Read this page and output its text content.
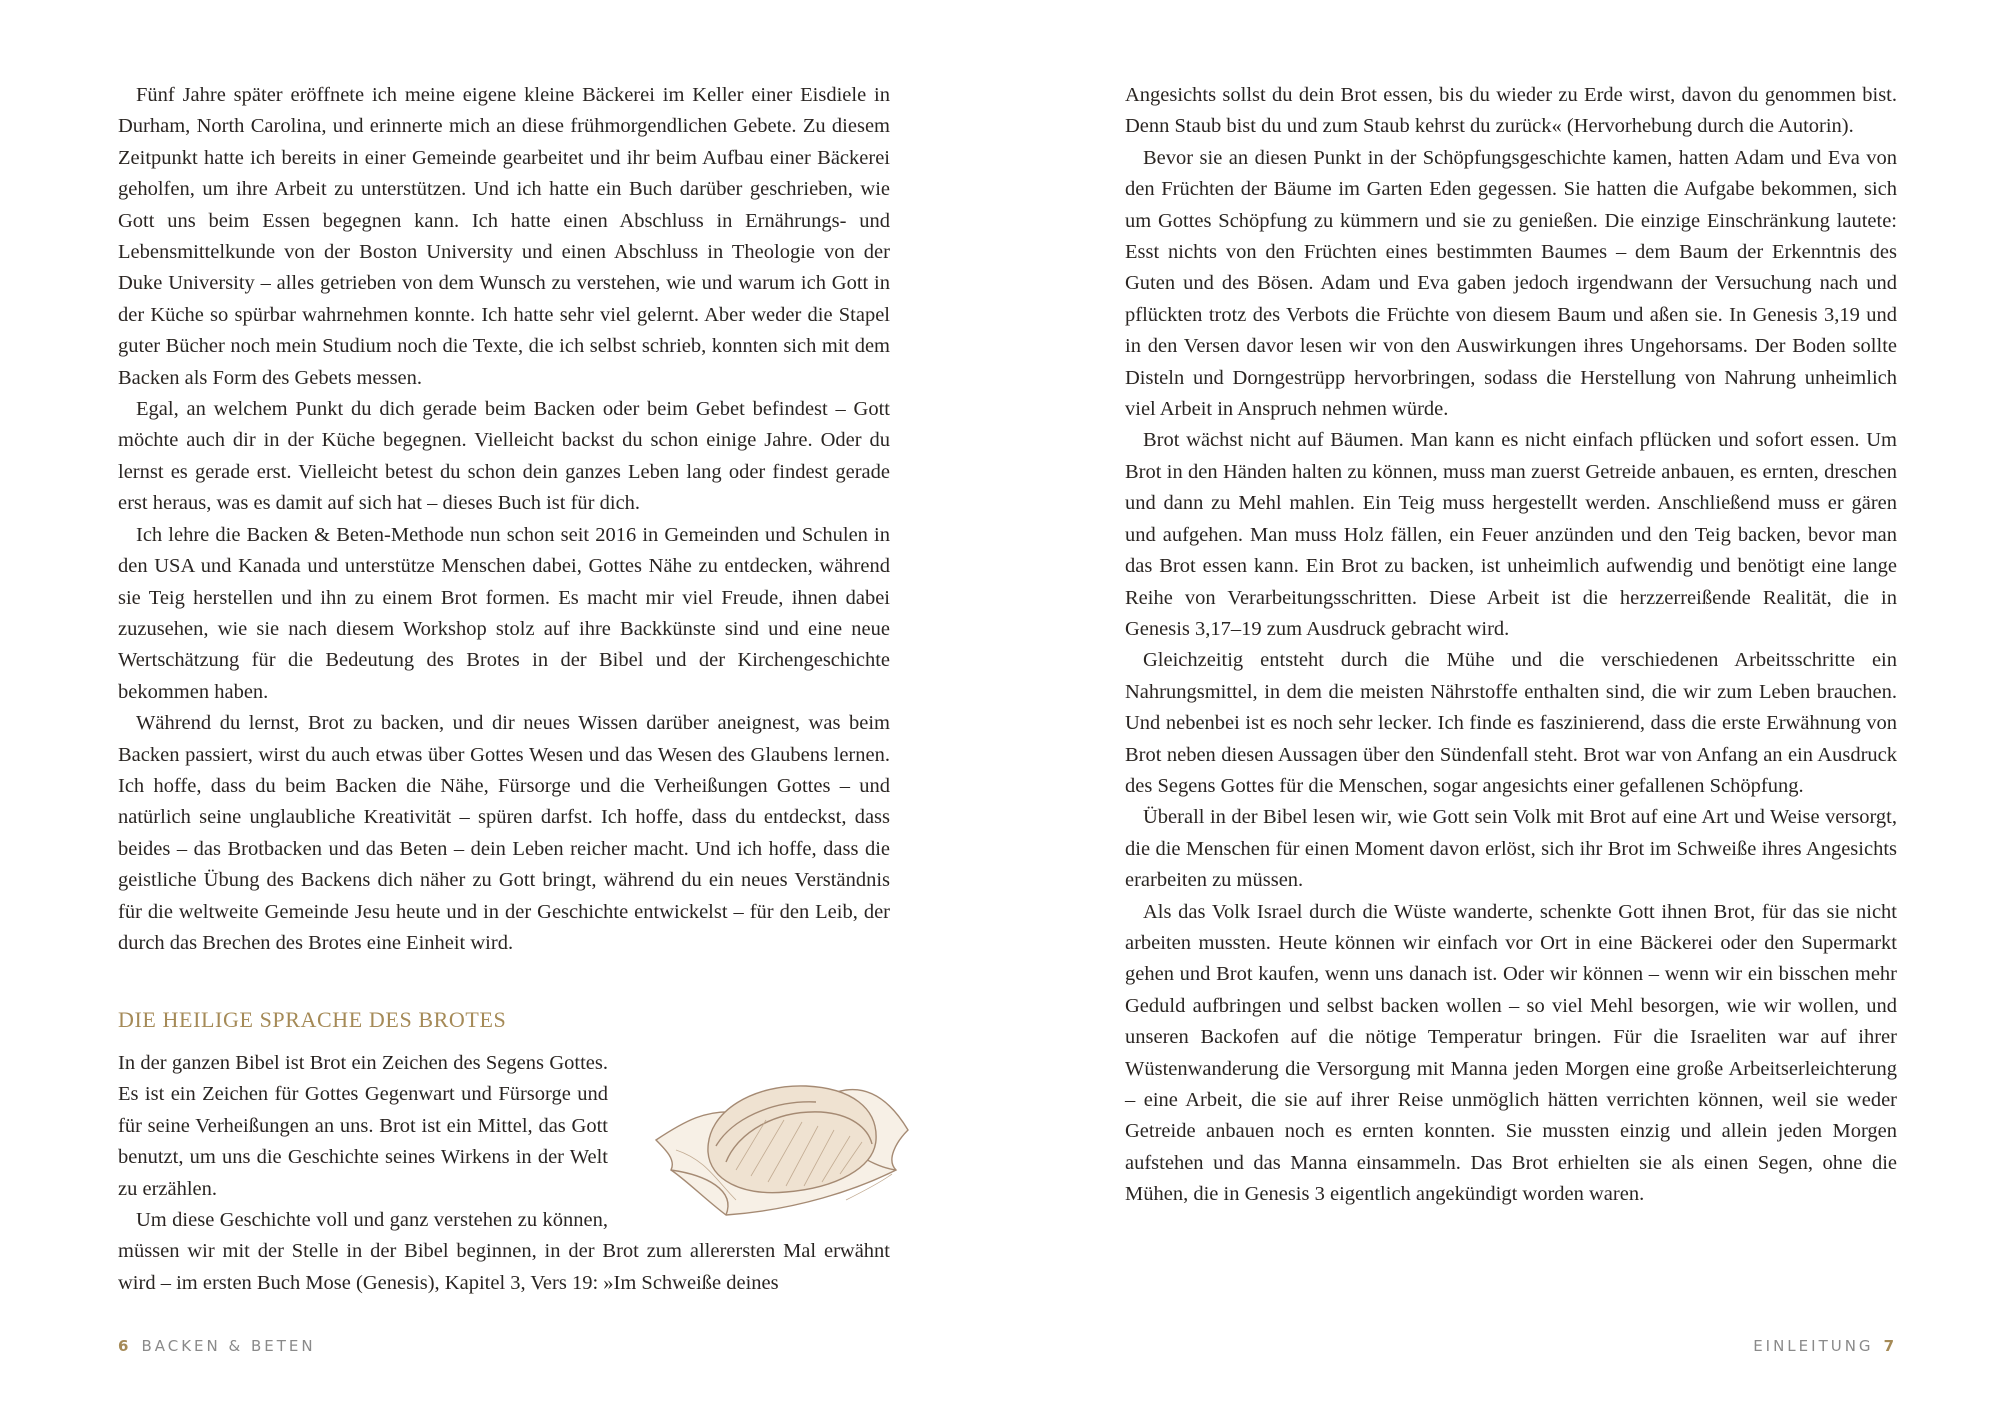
Fünf Jahre später eröffnete ich meine eigene kleine Bäckerei im Keller einer Eisdiele in Durham, North Carolina, und erinnerte mich an diese frühmorgendlichen Gebete. Zu diesem Zeitpunkt hatte ich bereits in einer Gemeinde gearbeitet und ihr beim Aufbau einer Bäckerei geholfen, um ihre Arbeit zu unterstützen. Und ich hatte ein Buch darüber geschrieben, wie Gott uns beim Essen begegnen kann. Ich hatte einen Abschluss in Ernährungs- und Lebensmittelkunde von der Boston University und einen Abschluss in Theologie von der Duke University – alles getrieben von dem Wunsch zu verstehen, wie und warum ich Gott in der Küche so spürbar wahrnehmen konnte. Ich hatte sehr viel gelernt. Aber weder die Stapel guter Bücher noch mein Studium noch die Texte, die ich selbst schrieb, konnten sich mit dem Backen als Form des Gebets messen.

Egal, an welchem Punkt du dich gerade beim Backen oder beim Gebet befindest – Gott möchte auch dir in der Küche begegnen. Vielleicht backst du schon einige Jahre. Oder du lernst es gerade erst. Vielleicht betest du schon dein ganzes Leben lang oder findest gerade erst heraus, was es damit auf sich hat – dieses Buch ist für dich.

Ich lehre die Backen & Beten-Methode nun schon seit 2016 in Gemeinden und Schulen in den USA und Kanada und unterstütze Menschen dabei, Gottes Nähe zu entdecken, während sie Teig herstellen und ihn zu einem Brot formen. Es macht mir viel Freude, ihnen dabei zuzusehen, wie sie nach diesem Workshop stolz auf ihre Backkünste sind und eine neue Wertschätzung für die Bedeutung des Brotes in der Bibel und der Kirchengeschichte bekommen haben.

Während du lernst, Brot zu backen, und dir neues Wissen darüber aneignest, was beim Backen passiert, wirst du auch etwas über Gottes Wesen und das Wesen des Glaubens lernen. Ich hoffe, dass du beim Backen die Nähe, Fürsorge und die Verheißungen Gottes – und natürlich seine unglaubliche Kreativität – spüren darfst. Ich hoffe, dass du entdeckst, dass beides – das Brotbacken und das Beten – dein Leben reicher macht. Und ich hoffe, dass die geistliche Übung des Backens dich näher zu Gott bringt, während du ein neues Verständnis für die weltweite Gemeinde Jesu heute und in der Geschichte entwickelst – für den Leib, der durch das Brechen des Brotes eine Einheit wird.

DIE HEILIGE SPRACHE DES BROTES

In der ganzen Bibel ist Brot ein Zeichen des Segens Gottes. Es ist ein Zeichen für Gottes Gegenwart und Fürsorge und für seine Verheißungen an uns. Brot ist ein Mittel, das Gott benutzt, um uns die Geschichte seines Wirkens in der Welt zu erzählen.

Um diese Geschichte voll und ganz verstehen zu können, müssen wir mit der Stelle in der Bibel beginnen, in der Brot zum allerersten Mal erwähnt wird – im ersten Buch Mose (Genesis), Kapitel 3, Vers 19: »Im Schweiße deines

Angesichts sollst du dein Brot essen, bis du wieder zu Erde wirst, davon du genommen bist. Denn Staub bist du und zum Staub kehrst du zurück« (Hervorhebung durch die Autorin).

Bevor sie an diesen Punkt in der Schöpfungsgeschichte kamen, hatten Adam und Eva von den Früchten der Bäume im Garten Eden gegessen. Sie hatten die Aufgabe bekommen, sich um Gottes Schöpfung zu kümmern und sie zu genießen. Die einzige Einschränkung lautete: Esst nichts von den Früchten eines bestimmten Baumes – dem Baum der Erkenntnis des Guten und des Bösen. Adam und Eva gaben jedoch irgendwann der Versuchung nach und pflückten trotz des Verbots die Früchte von diesem Baum und aßen sie. In Genesis 3,19 und in den Versen davor lesen wir von den Auswirkungen ihres Ungehorsams. Der Boden sollte Disteln und Dorngestrüpp hervorbringen, sodass die Herstellung von Nahrung unheimlich viel Arbeit in Anspruch nehmen würde.

Brot wächst nicht auf Bäumen. Man kann es nicht einfach pflücken und sofort essen. Um Brot in den Händen halten zu können, muss man zuerst Getreide anbauen, es ernten, dreschen und dann zu Mehl mahlen. Ein Teig muss hergestellt werden. Anschließend muss er gären und aufgehen. Man muss Holz fällen, ein Feuer anzünden und den Teig backen, bevor man das Brot essen kann. Ein Brot zu backen, ist unheimlich aufwendig und benötigt eine lange Reihe von Verarbeitungsschritten. Diese Arbeit ist die herzzerreißende Realität, die in Genesis 3,17–19 zum Ausdruck gebracht wird.

Gleichzeitig entsteht durch die Mühe und die verschiedenen Arbeitsschritte ein Nahrungsmittel, in dem die meisten Nährstoffe enthalten sind, die wir zum Leben brauchen. Und nebenbei ist es noch sehr lecker. Ich finde es faszinierend, dass die erste Erwähnung von Brot neben diesen Aussagen über den Sündenfall steht. Brot war von Anfang an ein Ausdruck des Segens Gottes für die Menschen, sogar angesichts einer gefallenen Schöpfung.

Überall in der Bibel lesen wir, wie Gott sein Volk mit Brot auf eine Art und Weise versorgt, die die Menschen für einen Moment davon erlöst, sich ihr Brot im Schweiße ihres Angesichts erarbeiten zu müssen.

Als das Volk Israel durch die Wüste wanderte, schenkte Gott ihnen Brot, für das sie nicht arbeiten mussten. Heute können wir einfach vor Ort in eine Bäckerei oder den Supermarkt gehen und Brot kaufen, wenn uns danach ist. Oder wir können – wenn wir ein bisschen mehr Geduld aufbringen und selbst backen wollen – so viel Mehl besorgen, wie wir wollen, und unseren Backofen auf die nötige Temperatur bringen. Für die Israeliten war auf ihrer Wüstenwanderung die Versorgung mit Manna jeden Morgen eine große Arbeitserleichterung – eine Arbeit, die sie auf ihrer Reise unmöglich hätten verrichten können, weil sie weder Getreide anbauen noch es ernten konnten. Sie mussten einzig und allein jeden Morgen aufstehen und das Manna einsammeln. Das Brot erhielten sie als einen Segen, ohne die Mühen, die in Genesis 3 eigentlich angekündigt worden waren.

6 BACKEN & BETEN	EINLEITUNG 7
